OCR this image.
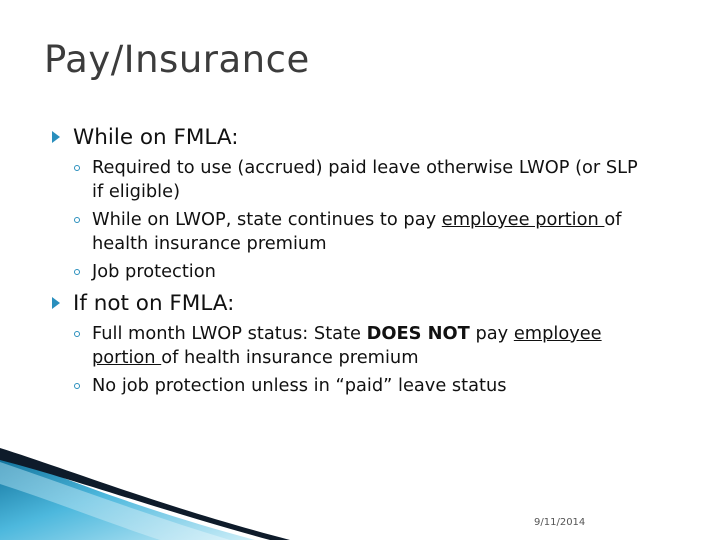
Pay/Insurance
While on FMLA:
Required to use (accrued) paid leave otherwise LWOP (or SLP if eligible)
While on LWOP, state continues to pay employee portion of health insurance premium
Job protection
If not on FMLA:
Full month LWOP status: State DOES NOT pay employee portion of health insurance premium
No job protection unless in “paid” leave status
9/11/2014
